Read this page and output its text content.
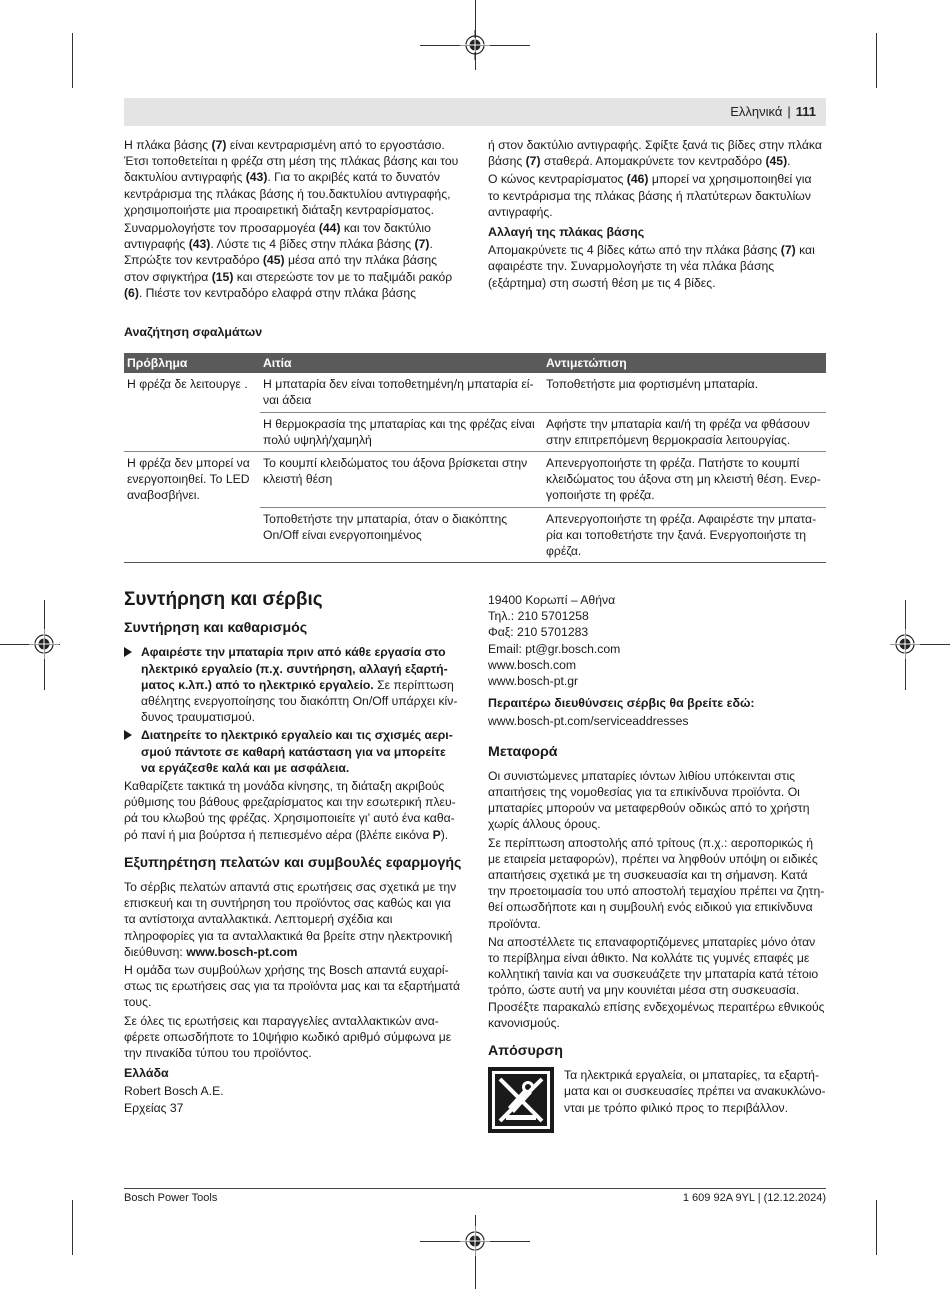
Ελληνικά | 111

Η πλάκα βάσης (7) είναι κεντραρισμένη από το εργοστάσιο. Έτσι τοποθετείται η φρέζα στη μέση της πλάκας βάσης και του δακτυλίου αντιγραφής (43). Για το ακριβές κατά το δυνατόν κεντράρισμα της πλάκας βάσης ή του.δακτυλίου αντιγραφής, χρησιμοποιήστε μια προαιρετική διάταξη κεντραρίσματος.

Συναρμολογήστε τον προσαρμογέα (44) και τον δακτύλιο αντιγραφής (43). Λύστε τις 4 βίδες στην πλάκα βάσης (7). Σπρώξτε τον κεντραδόρο (45) μέσα από την πλάκα βάσης στον σφιγκτήρα (15) και στερεώστε τον με το παξιμάδι ρακόρ (6). Πιέστε τον κεντραδόρο ελαφρά στην πλάκα βάσης

ή στον δακτύλιο αντιγραφής. Σφίξτε ξανά τις βίδες στην πλάκα βάσης (7) σταθερά. Απομακρύνετε τον κεντραδόρο (45).

Ο κώνος κεντραρίσματος (46) μπορεί να χρησιμοποιηθεί για το κεντράρισμα της πλάκας βάσης ή πλατύτερων δακτυλίων αντιγραφής.

Αλλαγή της πλάκας βάσης

Απομακρύνετε τις 4 βίδες κάτω από την πλάκα βάσης (7) και αφαιρέστε την. Συναρμολογήστε τη νέα πλάκα βάσης (εξάρτημα) στη σωστή θέση με τις 4 βίδες.

Αναζήτηση σφαλμάτων
Πρόβλημα	Αιτία	Αντιμετώπιση
Η φρέζα δε λειτουργε .	Η μπαταρία δεν είναι τοποθετημένη/η μπαταρία είναι άδεια	Τοποθετήστε μια φορτισμένη μπαταρία.
	Η θερμοκρασία της μπαταρίας και της φρέζας είναι πολύ υψηλή/χαμηλή	Αφήστε την μπαταρία και/ή τη φρέζα να φθάσουν στην επιτρεπόμενη θερμοκρασία λειτουργίας.
Η φρέζα δεν μπορεί να ενεργοποιηθεί. Το LED αναβοσβήνει.	Το κουμπί κλειδώματος του άξονα βρίσκεται στην κλειστή θέση	Απενεργοποιήστε τη φρέζα. Πατήστε το κουμπί κλειδώματος του άξονα στη μη κλειστή θέση. Ενεργοποιήστε τη φρέζα.
	Τοποθετήστε την μπαταρία, όταν ο διακόπτης On/Off είναι ενεργοποιημένος	Απενεργοποιήστε τη φρέζα. Αφαιρέστε την μπαταρία και τοποθετήστε την ξανά. Ενεργοποιήστε τη φρέζα.
Συντήρηση και σέρβις
Συντήρηση και καθαρισμός
Αφαιρέστε την μπαταρία πριν από κάθε εργασία στο ηλεκτρικό εργαλείο (π.χ. συντήρηση, αλλαγή εξαρτήματος κ.λπ.) από το ηλεκτρικό εργαλείο. Σε περίπτωση αθέλητης ενεργοποίησης του διακόπτη On/Off υπάρχει κίνδυνος τραυματισμού.
Διατηρείτε το ηλεκτρικό εργαλείο και τις σχισμές αερισμού πάντοτε σε καθαρή κατάσταση για να μπορείτε να εργάζεσθε καλά και με ασφάλεια.

Καθαρίζετε τακτικά τη μονάδα κίνησης, τη διάταξη ακριβούς ρύθμισης του βάθους φρεζαρίσματος και την εσωτερική πλευρά του κλωβού της φρέζας. Χρησιμοποιείτε γι’ αυτό ένα καθαρό πανί ή μια βούρτσα ή πεπιεσμένο αέρα (βλέπε εικόνα P).

Εξυπηρέτηση πελατών και συμβουλές εφαρμογής

Το σέρβις πελατών απαντά στις ερωτήσεις σας σχετικά με την επισκευή και τη συντήρηση του προϊόντος σας καθώς και για τα αντίστοιχα ανταλλακτικά. Λεπτομερή σχέδια και πληροφορίες για τα ανταλλακτικά θα βρείτε στην ηλεκτρονική διεύθυνση: www.bosch-pt.com

Η ομάδα των συμβούλων χρήσης της Bosch απαντά ευχαρίστως τις ερωτήσεις σας για τα προϊόντα μας και τα εξαρτήματά τους.

Σε όλες τις ερωτήσεις και παραγγελίες ανταλλακτικών αναφέρετε οπωσδήποτε το 10ψήφιο κωδικό αριθμό σύμφωνα με την πινακίδα τύπου του προϊόντος.

Ελλάδα
Robert Bosch A.E.
Ερχείας 37
19400 Κορωπί – Αθήνα
Τηλ.: 210 5701258
Φαξ: 210 5701283
Email: pt@gr.bosch.com
www.bosch.com
www.bosch-pt.gr
Περαιτέρω διευθύνσεις σέρβις θα βρείτε εδώ:
www.bosch-pt.com/serviceaddresses
Μεταφορά

Οι συνιστώμενες μπαταρίες ιόντων λιθίου υπόκεινται στις απαιτήσεις της νομοθεσίας για τα επικίνδυνα προϊόντα. Οι μπαταρίες μπορούν να μεταφερθούν οδικώς από το χρήστη χωρίς άλλους όρους.

Σε περίπτωση αποστολής από τρίτους (π.χ.: αεροπορικώς ή με εταιρεία μεταφορών), πρέπει να ληφθούν υπόψη οι ειδικές απαιτήσεις σχετικά με τη συσκευασία και τη σήμανση. Κατά την προετοιμασία του υπό αποστολή τεμαχίου πρέπει να ζητηθεί οπωσδήποτε και η συμβουλή ενός ειδικού για επικίνδυνα προϊόντα.

Να αποστέλλετε τις επαναφορτιζόμενες μπαταρίες μόνο όταν το περίβλημα είναι άθικτο. Να κολλάτε τις γυμνές επαφές με κολλητική ταινία και να συσκευάζετε την μπαταρία κατά τέτοιο τρόπο, ώστε αυτή να μην κουνιέται μέσα στη συσκευασία. Προσέξτε παρακαλώ επίσης ενδεχομένως περαιτέρω εθνικούς κανονισμούς.

Απόσυρση

Τα ηλεκτρικά εργαλεία, οι μπαταρίες, τα εξαρτήματα και οι συσκευασίες πρέπει να ανακυκλώνονται με τρόπο φιλικό προς το περιβάλλον.

Bosch Power Tools	1 609 92A 9YL | (12.12.2024)
